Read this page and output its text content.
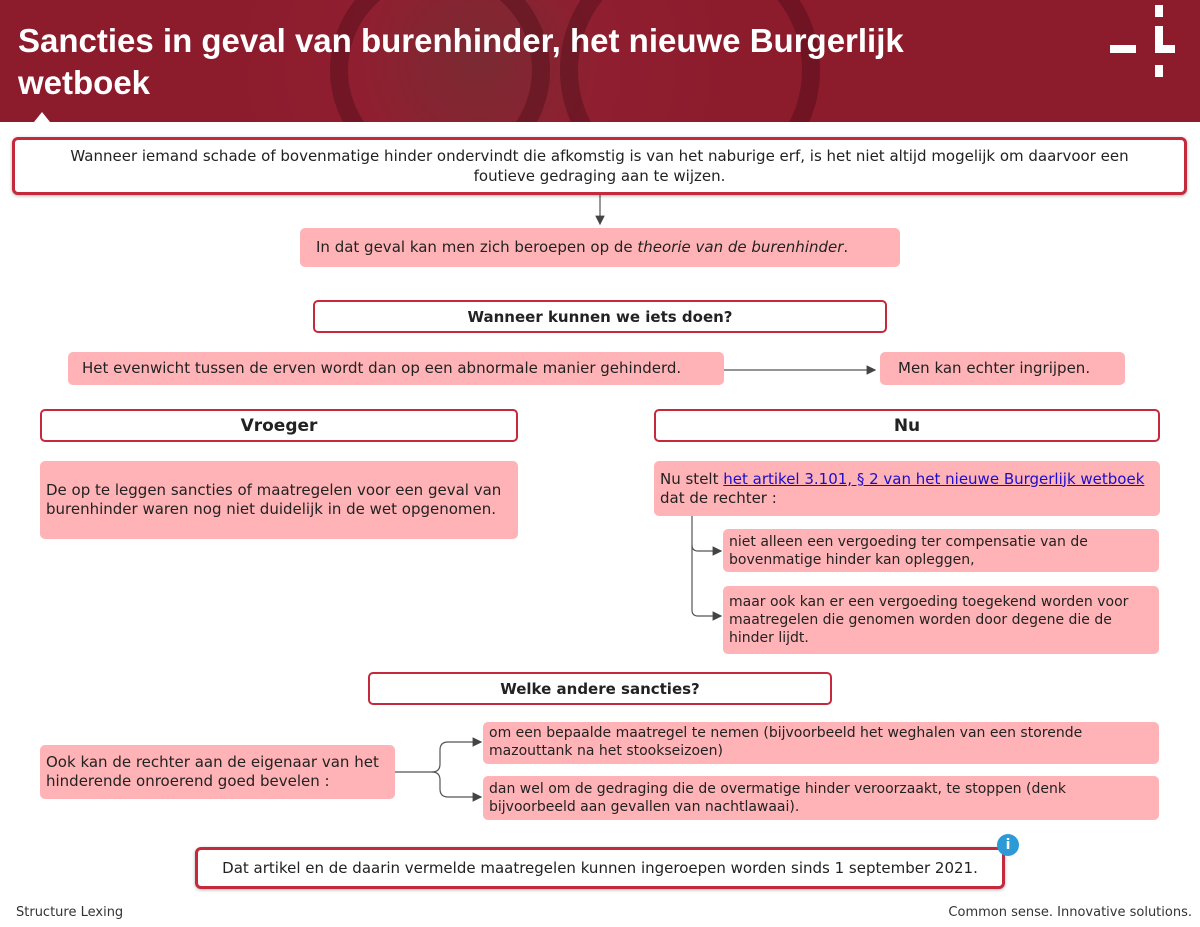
Sancties in geval van burenhinder, het nieuwe Burgerlijk wetboek
Wanneer iemand schade of bovenmatige hinder ondervindt die afkomstig is van het naburige erf, is het niet altijd mogelijk om daarvoor een foutieve gedraging aan te wijzen.
In dat geval kan men zich beroepen op de theorie van de burenhinder.
Wanneer kunnen we iets doen?
Het evenwicht tussen de erven wordt dan op een abnormale manier gehinderd.	Men kan echter ingrijpen.
Vroeger	Nu
De op te leggen sancties of maatregelen voor een geval van burenhinder waren nog niet duidelijk in de wet opgenomen.
Nu stelt het artikel 3.101, § 2 van het nieuwe Burgerlijk wetboek dat de rechter :
niet alleen een vergoeding ter compensatie van de bovenmatige hinder kan opleggen,
maar ook kan er een vergoeding toegekend worden voor maatregelen die genomen worden door degene die de hinder lijdt.
Welke andere sancties?
Ook kan de rechter aan de eigenaar van het hinderende onroerend goed bevelen :
om een bepaalde maatregel te nemen (bijvoorbeeld het weghalen van een storende mazouttank na het stookseizoen)
dan wel om de gedraging die de overmatige hinder veroorzaakt, te stoppen (denk bijvoorbeeld aan gevallen van nachtlawaai).
Dat artikel en de daarin vermelde maatregelen kunnen ingeroepen worden sinds 1 september 2021.
i
Structure Lexing	Common sense. Innovative solutions.
